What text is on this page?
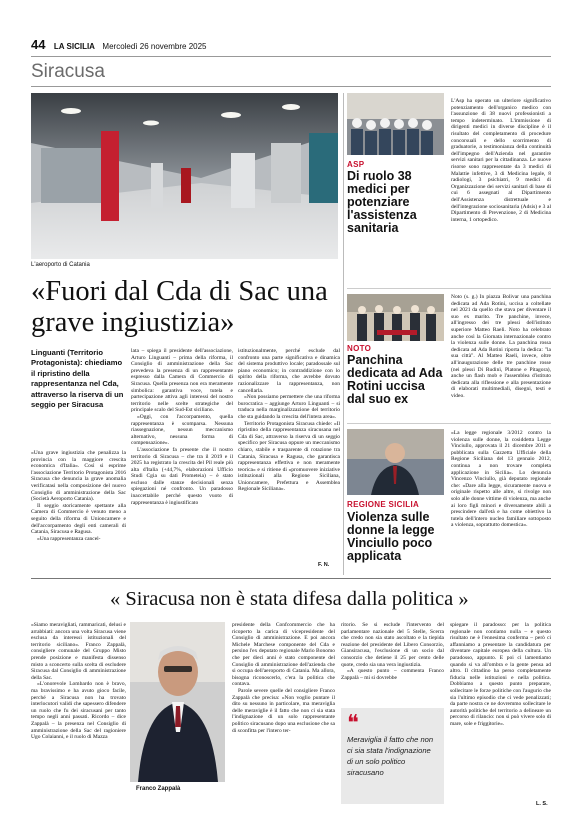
44 LA SICILIA Mercoledì 26 novembre 2025
Siracusa
L'aeroporto di Catania
«Fuori dal Cda di Sac una grave ingiustizia»
Linguanti (Territorio Protagonista): chiediamo il ripristino della rappresentanza nel Cda, attraverso la riserva di un seggio per Siracusa

«Una grave ingiustizia che penalizza la provincia con la maggiore crescita economica d'Italia». Così si esprime l'associazione Territorio Protagonista 2016 Siracusa che denuncia la grave anomalia verificatasi nella composizione del nuovo Consiglio di amministrazione della Sac (Società Aeroporto Catania).

Il seggio storicamente spettante alla Camera di Commercio è venuto meno a seguito della riforma di Unioncamere e dell'accorpamento degli enti camerali di Catania, Siracusa e Ragusa.

«Una rappresentanza cancel-

lata – spiega il presidente dell'associazione, Arturo Linguanti – prima della riforma, il Consiglio di amministrazione della Sac prevedeva la presenza di un rappresentante espresso dalla Camera di Commercio di Siracusa. Quella presenza non era meramente simbolica: garantiva voce, tutela e partecipazione attiva agli interessi del nostro territorio nelle scelte strategiche del principale scalo del Sud-Est siciliano.

«Oggi, con l'accorpamento, quella rappresentanza è scomparsa. Nessuna riassegnazione, nessun meccanismo alternativo, nessuna forma di compensazione».

L'associazione fa presente che il nostro territorio di Siracusa – che tra il 2019 e il 2025 ha registrato la crescita del Pil reale più alta d'Italia (+44,7%, elaborazioni Ufficio Studi Cgia su dati Prometeia) – è stato escluso dalle stanze decisionali senza spiegazioni né confronto. Un paradosso inaccettabile perché questo vuoto di rappresentanza è ingiustificato

istituzionalmente, perché esclude dal confronto una parte significativa e dinamica del sistema produttivo locale; paradossale sul piano economico; in contraddizione con lo spirito della riforma, che avrebbe dovuto razionalizzare la rappresentanza, non cancellarla.

«Non possiamo permettere che una riforma burocratica – aggiunge Arturo Linguanti – si traduca nella marginalizzazione del territorio che sta guidando la crescita dell'intera area».

Territorio Protagonista Siracusa chiede: «Il ripristino della rappresentanza siracusana nel Cda di Sac, attraverso la riserva di un seggio specifico per Siracusa oppure un meccanismo chiaro, stabile e trasparente di rotazione tra Catania, Siracusa e Ragusa, che garantisca rappresentanza effettiva e non meramente teorica» e si ritiene di «promuovere iniziative istituzionali alla Regione Siciliana, Unioncamere, Prefettura e Assemblea Regionale Siciliana».

F. N.
ASP
Di ruolo 38 medici per potenziare l'assistenza sanitaria

L'Asp ha operato un ulteriore significativo potenziamento dell'organico medico con l'assunzione di 38 nuovi professionisti a tempo indeterminato. L'immissione di dirigenti medici in diverse discipline è il risultato del completamento di procedure concorsuali e dello scorrimento di graduatorie, a testimonianza della continuità dell'impegno dell'Azienda nel garantire servizi sanitari per la cittadinanza. Le nuove risorse sono rappresentate da 3 medici di Malattie infettive, 3 di Medicina legale, 8 radiologi, 3 psichiatri, 9 medici di Organizzazione dei servizi sanitari di base di cui 6 assegnati al Dipartimento dell'Assistenza distrettuale e dell'integrazione sociosanitaria (Adsis) e 3 al Dipartimento di Prevenzione, 2 di Medicina interna, 1 ortopedico.

NOTO
Panchina dedicata ad Ada Rotini uccisa dal suo ex

Noto (s. g.) In piazza Bolivar una panchina dedicata ad Ada Rotini, uccisa a coltellate nel 2021 da quello che stava per diventare il suo ex marito. Tre panchine, invece, all'ingresso dei tre plessi dell'istituto superiore Matteo Raeli. Noto ha celebrato anche così la Giornata internazionale contro la violenza sulle donne. La panchina rossa dedicata ad Ada Rotini riporta la dedica: "la sua città". Al Matteo Raeli, invece, oltre all'inaugurazione delle tre panchine rosse (nei plessi Di Rudinì, Platone e Pitagora), anche un flash mob e l'assemblea d'istituto dedicata alla riflessione e alla presentazione di elaborati multimediali, disegni, testi e video.

REGIONE SICILIA
Violenza sulle donne la legge Vinciullo poco applicata

«La legge regionale 3/2012 contro la violenza sulle donne, la cosiddetta Legge Vinciullo, approvata il 21 dicembre 2011 e pubblicata sulla Gazzetta Ufficiale della Regione Siciliana del 13 gennaio 2012, continua a non trovare completa applicazione in Sicilia». Lo denuncia Vincenzo Vinciullo, già deputato regionale che: «Dare alla legge, sicuramente nuova e originale rispetto alle altre, si rivolge non solo alle donne vittime di violenza, ma anche ai loro figli minori e diversamente abili a prescindere dall'età e ha come obiettivo la tutela dell'intero nucleo familiare sottoposto a violenza, soprattutto domestica».

« Siracusa non è stata difesa dalla politica »

«Siamo meravigliati, rammaricati, delusi e arrabbiati: ancora una volta Siracusa viene esclusa da interessi istituzionali del territorio siciliano». Franco Zappalà, consigliere comunale del Gruppo Misto prende posizione e manifesta dissenso misto a sconcerto sulla scelta di escludere Siracusa dal Consiglio di amministrazione della Sac.

«L'onorevole Lombardo non è bravo, ma bravissimo e ha avuto gioco facile, perché a Siracusa non ha trovato interlocutori validi che sapessero difendere un ruolo che fu dei siracusani per tanto tempo negli anni passati. Ricordo – dice Zappalà – la presenza nel Consiglio di amministrazione della Sac del ragioniere Ugo Colaianni, e il ruolo di Mazza

Franco Zappalà

presidente della Confcommercio che ha ricoperto la carica di vicepresidente del Consiglio di amministrazione. E poi ancora Michele Marchese componente del Cda e persino l'ex deputato regionale Mario Bonomo che per dieci anni è stato componente del Consiglio di amministrazione dell'azienda che si occupa dell'aeroporto di Catania. Ma allora, bisogna riconoscerlo, c'era la politica che contava.

Parole severe quelle del consigliere Franco Zappalà che precisa: «Non voglio puntare il dito su nessuno in particolare, ma meraviglia delle meraviglie è il fatto che non ci sia stata l'indignazione di un solo rappresentante politico siracusano dopo una esclusione che sa di sconfitta per l'intero ter-

ritorio. Se si esclude l'intervento del parlamentare nazionale del 5 Stelle, Scerra che credo non sia stato ascoltato e la tiepida reazione del presidente del Libero Consorzio, Giansiracusa, l'esclusione di un socio dal consorzio che detiene il 25 per cento delle quote, credo sia una vera ingiustizia.

«A questo punto – commenta Franco Zappalà – mi si dovrebbe

❝
Meraviglia il fatto che non ci sia stata l'indignazione di un solo politico siracusano

spiegare il paradosso: per la politica regionale non contiamo nulla – e questo risultato ne è l'ennesima conferma – però ci affanniamo a presentare la candidatura per diventare capitale europea della cultura. Un paradosso, appunto. E poi ci lamentiamo quando si va all'ombra e la gente pensa ad altro. Il cittadino ha perso completamente fiducia nelle istituzioni e nella politica. Dobbiamo a questo punto preparare, sollecitare le forze politiche con l'augurio che sia l'ultimo episodio che ci vede penalizzati; da parte nostra ce ne dovremmo sollecitare le autorità politiche del territorio a delineare un percorso di rilancio: non si può vivere solo di mare, sole e friggitorie».

L. S.
